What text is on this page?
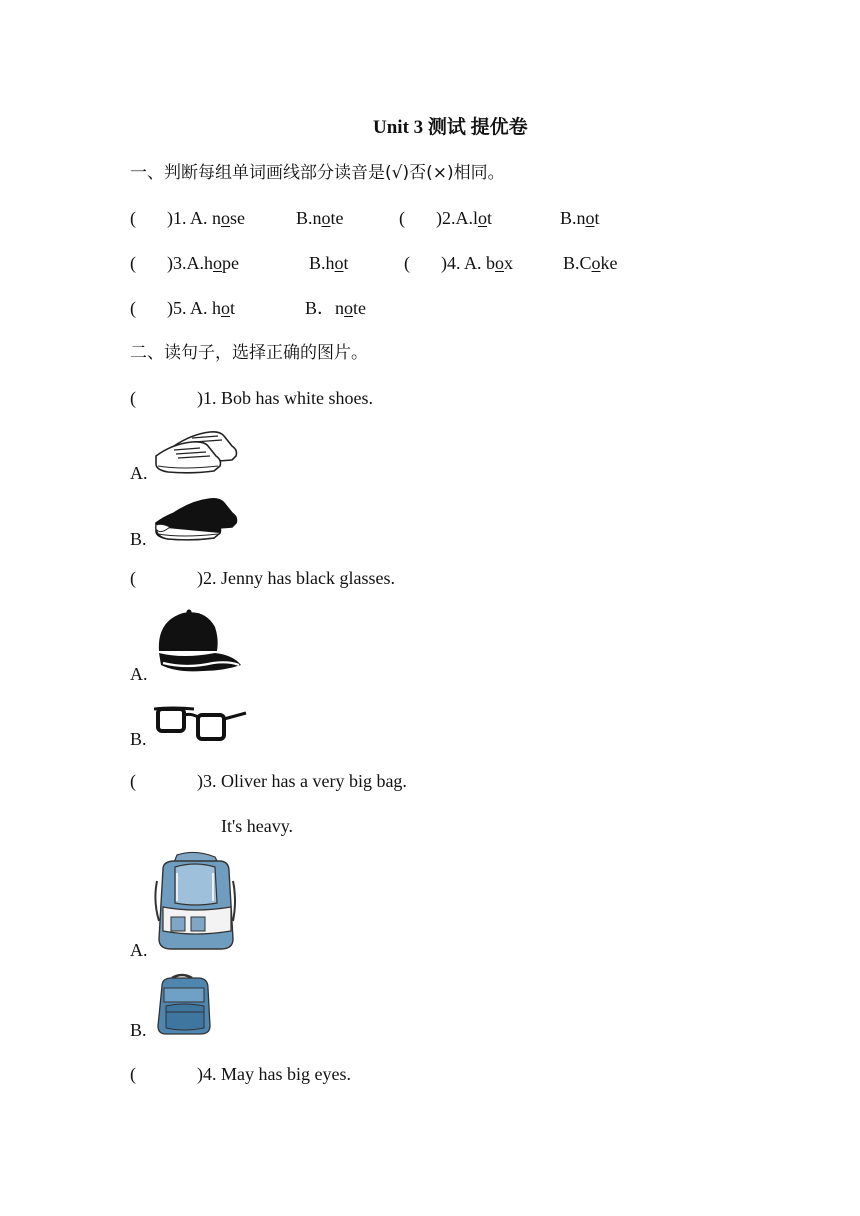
Unit 3 测试 提优卷
一、判断每组单词画线部分读音是(√)否(×)相同。
( )1. A. nose	B.note	( )2.A.lot	B.not
( )3.A.hope	B.hot	( )4. A. box	B.Coke
( )5. A. hot	B．note
二、读句子，选择正确的图片。
(	)1. Bob has white shoes.
A.
B.
(	)2. Jenny has black glasses.
A.
B.
(	)3. Oliver has a very big bag.
It's heavy.
A.
B.
(	)4. May has big eyes.
